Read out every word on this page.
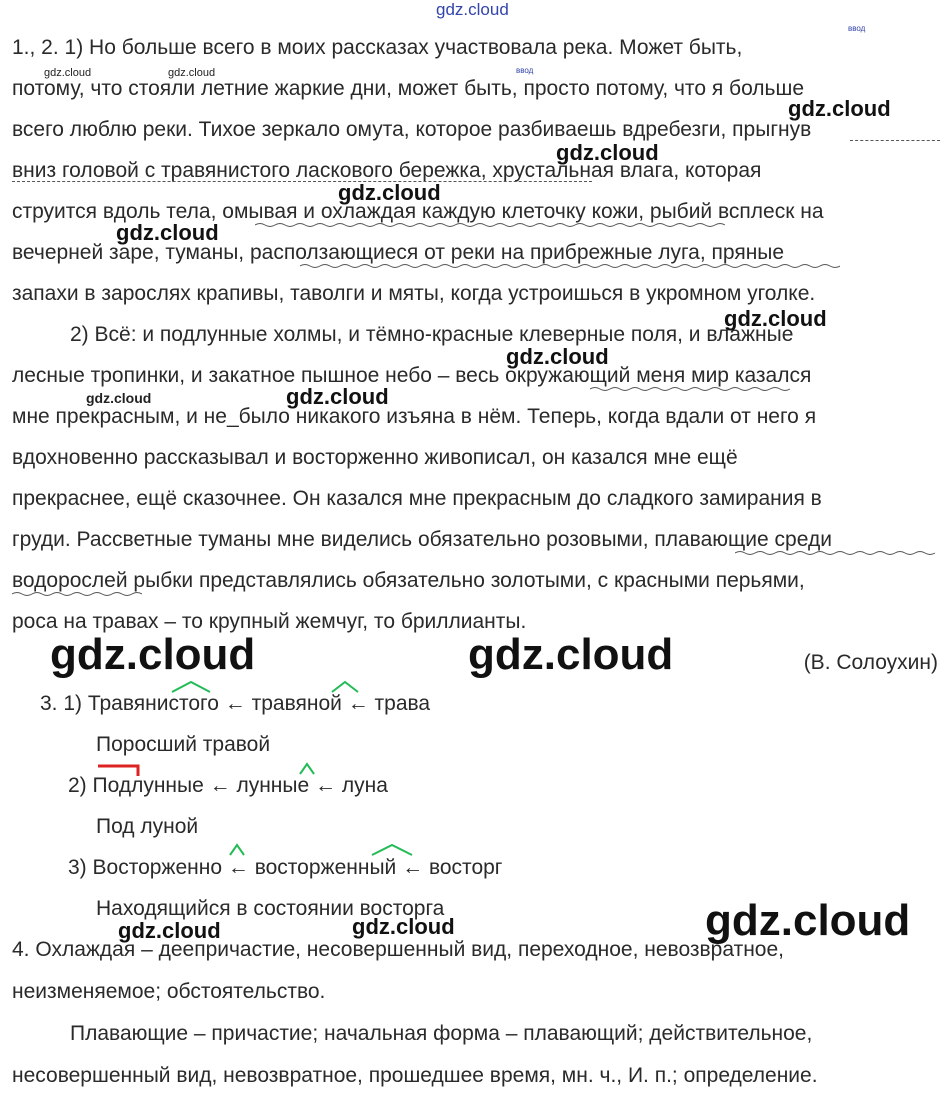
gdz.cloud
ввод
ввод
1., 2. 1) Но больше всего в моих рассказах участвовала река. Может быть,
потому, что стояли летние жаркие дни, может быть, просто потому, что я больше
всего люблю реки. Тихое зеркало омута, которое разбиваешь вдребезги, прыгнув
вниз головой с травянистого ласкового бережка, хрустальная влага, которая
струится вдоль тела, омывая и охлаждая каждую клеточку кожи, рыбий всплеск на
вечерней заре, туманы, расползающиеся от реки на прибрежные луга, пряные
запахи в зарослях крапивы, таволги и мяты, когда устроишься в укромном уголке.
2) Всё: и подлунные холмы, и тёмно-красные клеверные поля, и влажные
лесные тропинки, и закатное пышное небо – весь окружающий меня мир казался
мне прекрасным, и не_было никакого изъяна в нём. Теперь, когда вдали от него я
вдохновенно рассказывал и восторженно живописал, он казался мне ещё
прекраснее, ещё сказочнее. Он казался мне прекрасным до сладкого замирания в
груди. Рассветные туманы мне виделись обязательно розовыми, плавающие среди
водорослей рыбки представлялись обязательно золотыми, с красными перьями,
роса на травах – то крупный жемчуг, то бриллианты.
(В. Солоухин)
3. 1) Травянистого ← травяной ← трава
Поросший травой
2) Подлунные ← лунные ← луна
Под луной
3) Восторженно ← восторженный ← восторг
Находящийся в состоянии восторга
4. Охлаждая – деепричастие, несовершенный вид, переходное, невозвратное,
неизменяемое; обстоятельство.
Плавающие – причастие; начальная форма – плавающий; действительное,
несовершенный вид, невозвратное, прошедшее время, мн. ч., И. п.; определение.
gdz.cloud	gdz.cloud
gdz.cloud
gdz.cloud
gdz.cloud
gdz.cloud
gdz.cloud
gdz.cloud
gdz.cloud
gdz.cloud
gdz.cloud	gdz.cloud
gdz.cloud
gdz.cloud	gdz.cloud
